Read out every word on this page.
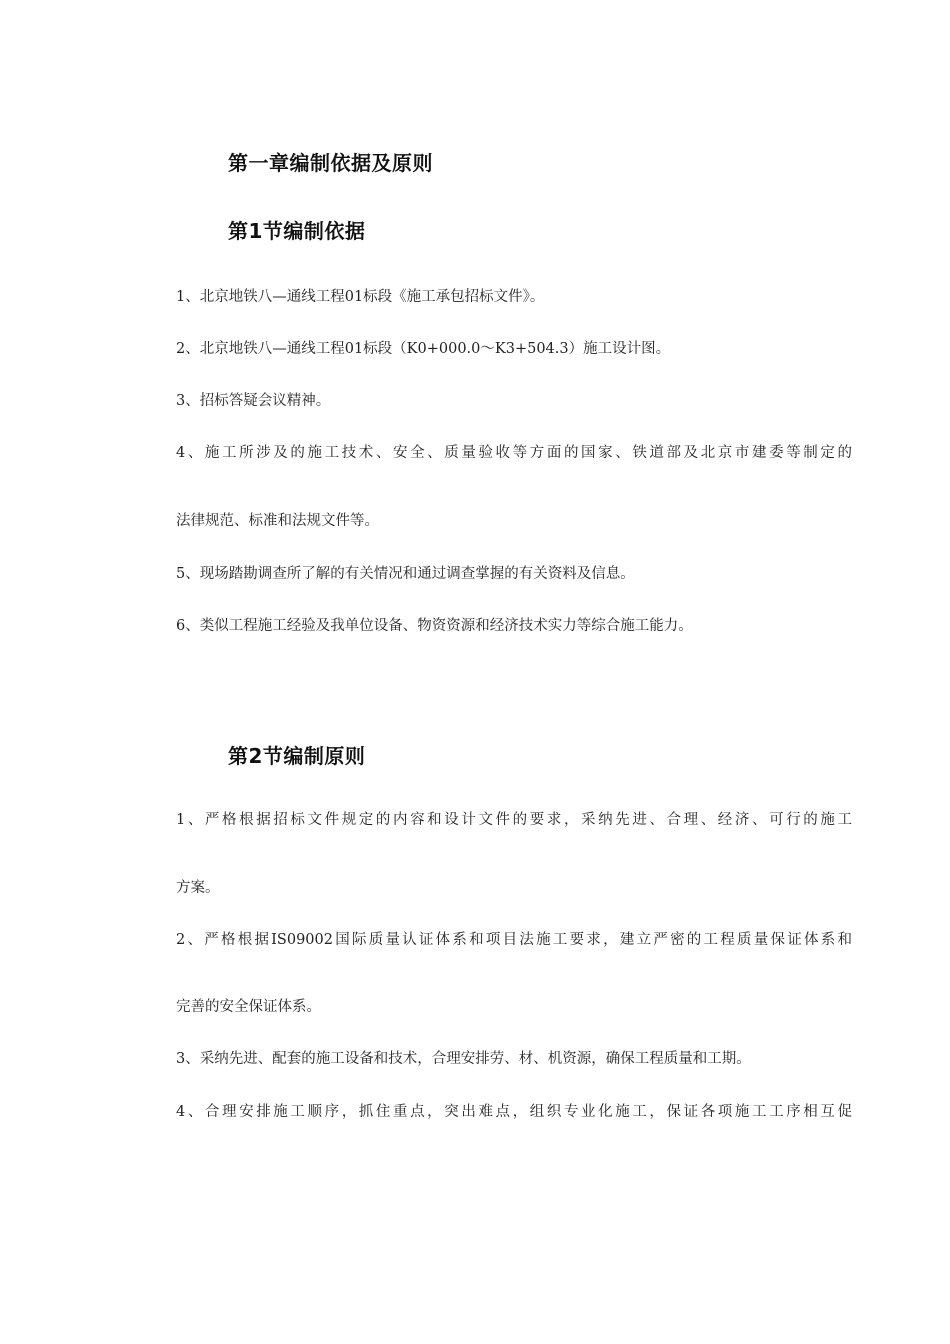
第一章编制依据及原则
第1节编制依据
1、北京地铁八—通线工程01标段《施工承包招标文件》。
2、北京地铁八—通线工程01标段（K0+000.0～K3+504.3）施工设计图。
3、招标答疑会议精神。
4、施工所涉及的施工技术、安全、质量验收等方面的国家、铁道部及北京市建委等制定的
法律规范、标准和法规文件等。
5、现场踏勘调查所了解的有关情况和通过调查掌握的有关资料及信息。
6、类似工程施工经验及我单位设备、物资资源和经济技术实力等综合施工能力。
第2节编制原则
1、严格根据招标文件规定的内容和设计文件的要求，采纳先进、合理、经济、可行的施工
方案。
2、严格根据IS09002国际质量认证体系和项目法施工要求，建立严密的工程质量保证体系和
完善的安全保证体系。
3、采纳先进、配套的施工设备和技术，合理安排劳、材、机资源，确保工程质量和工期。
4、合理安排施工顺序，抓住重点，突出难点，组织专业化施工，保证各项施工工序相互促
